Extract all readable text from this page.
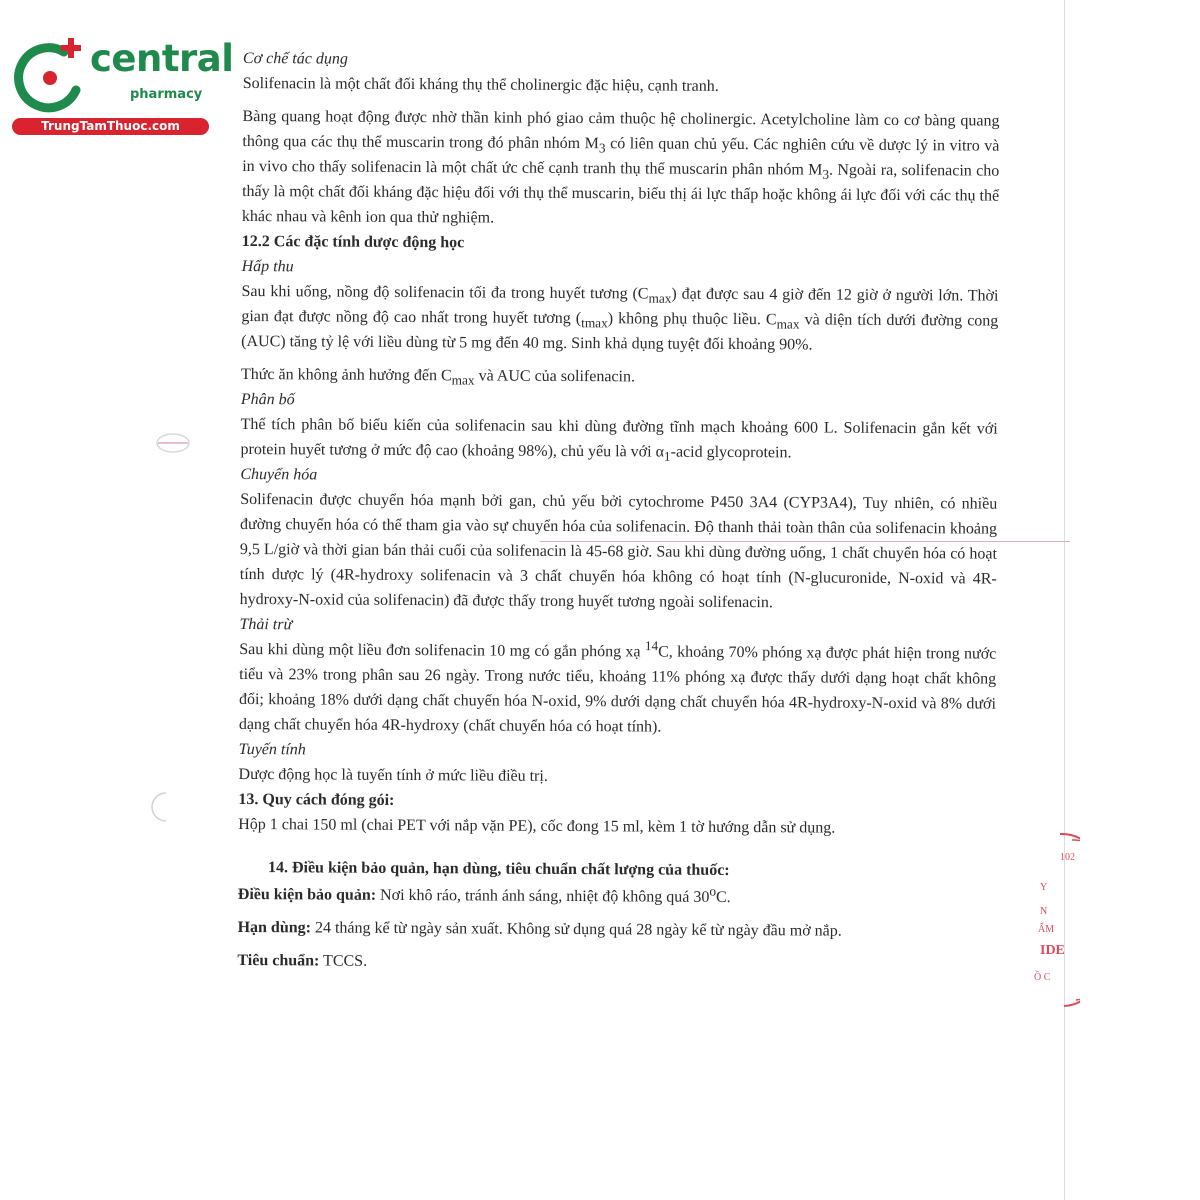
central
pharmacy
TrungTamThuoc.com
102
Y
N
ẨM
IDE
Ồ C

Cơ chế tác dụng

Solifenacin là một chất đối kháng thụ thể cholinergic đặc hiệu, cạnh tranh.

Bàng quang hoạt động được nhờ thần kinh phó giao cảm thuộc hệ cholinergic. Acetylcholine làm co cơ bàng quang thông qua các thụ thể muscarin trong đó phân nhóm $M_3$ có liên quan chủ yếu. Các nghiên cứu về dược lý in vitro và in vivo cho thấy solifenacin là một chất ức chế cạnh tranh thụ thể muscarin phân nhóm $M_3$. Ngoài ra, solifenacin cho thấy là một chất đối kháng đặc hiệu đối với thụ thể muscarin, biểu thị ái lực thấp hoặc không ái lực đối với các thụ thể khác nhau và kênh ion qua thử nghiệm.

12.2 Các đặc tính dược động học

Hấp thu

Sau khi uống, nồng độ solifenacin tối đa trong huyết tương $(C_{max})$ đạt được sau 4 giờ đến 12 giờ ở người lớn. Thời gian đạt được nồng độ cao nhất trong huyết tương $(_{tmax})$ không phụ thuộc liều. $C_{max}$ và diện tích dưới đường cong (AUC) tăng tỷ lệ với liều dùng từ 5 mg đến 40 mg. Sinh khả dụng tuyệt đối khoảng 90%.

Thức ăn không ảnh hưởng đến $C_{max}$ và AUC của solifenacin.

Phân bố

Thể tích phân bố biểu kiến của solifenacin sau khi dùng đường tĩnh mạch khoảng 600 L. Solifenacin gắn kết với protein huyết tương ở mức độ cao (khoảng 98%), chủ yếu là với $\alpha_1$-acid glycoprotein.

Chuyển hóa

Solifenacin được chuyển hóa mạnh bởi gan, chủ yếu bởi cytochrome P450 3A4 (CYP3A4), Tuy nhiên, có nhiều đường chuyển hóa có thể tham gia vào sự chuyển hóa của solifenacin. Độ thanh thải toàn thân của solifenacin khoảng 9,5 L/giờ và thời gian bán thải cuối của solifenacin là 45-68 giờ. Sau khi dùng đường uống, 1 chất chuyển hóa có hoạt tính dược lý (4R-hydroxy solifenacin và 3 chất chuyển hóa không có hoạt tính (N-glucuronide, N-oxid và 4R-hydroxy-N-oxid của solifenacin) đã được thấy trong huyết tương ngoài solifenacin.

Thải trừ

Sau khi dùng một liều đơn solifenacin 10 mg có gắn phóng xạ $^{14}$C, khoảng 70% phóng xạ được phát hiện trong nước tiểu và 23% trong phân sau 26 ngày. Trong nước tiểu, khoảng 11% phóng xạ được thấy dưới dạng hoạt chất không đổi; khoảng 18% dưới dạng chất chuyển hóa N-oxid, 9% dưới dạng chất chuyển hóa 4R-hydroxy-N-oxid và 8% dưới dạng chất chuyển hóa 4R-hydroxy (chất chuyển hóa có hoạt tính).

Tuyến tính

Dược động học là tuyến tính ở mức liều điều trị.

13. Quy cách đóng gói:

Hộp 1 chai 150 ml (chai PET với nắp vặn PE), cốc đong 15 ml, kèm 1 tờ hướng dẫn sử dụng.

14. Điều kiện bảo quản, hạn dùng, tiêu chuẩn chất lượng của thuốc:

Điều kiện bảo quản: Nơi khô ráo, tránh ánh sáng, nhiệt độ không quá 30$^o$C.

Hạn dùng: 24 tháng kể từ ngày sản xuất. Không sử dụng quá 28 ngày kể từ ngày đầu mở nắp.

Tiêu chuẩn: TCCS.
